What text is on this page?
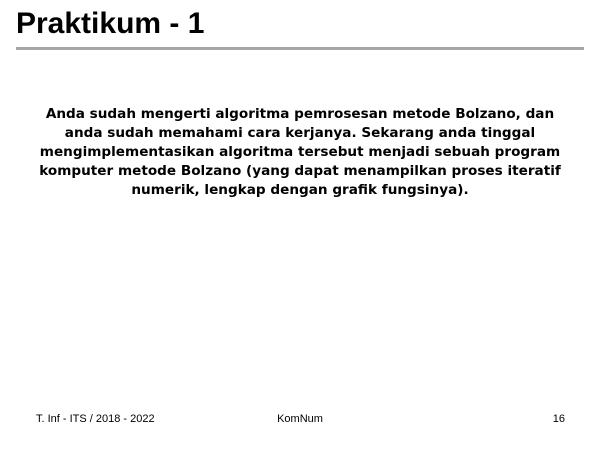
Praktikum - 1

Anda sudah mengerti algoritma pemrosesan metode Bolzano, dan anda sudah memahami cara kerjanya. Sekarang anda tinggal mengimplementasikan algoritma tersebut menjadi sebuah program komputer metode Bolzano (yang dapat menampilkan proses iteratif numerik, lengkap dengan grafik fungsinya).

KomNum
T. Inf - ITS / 2018 - 2022	16
